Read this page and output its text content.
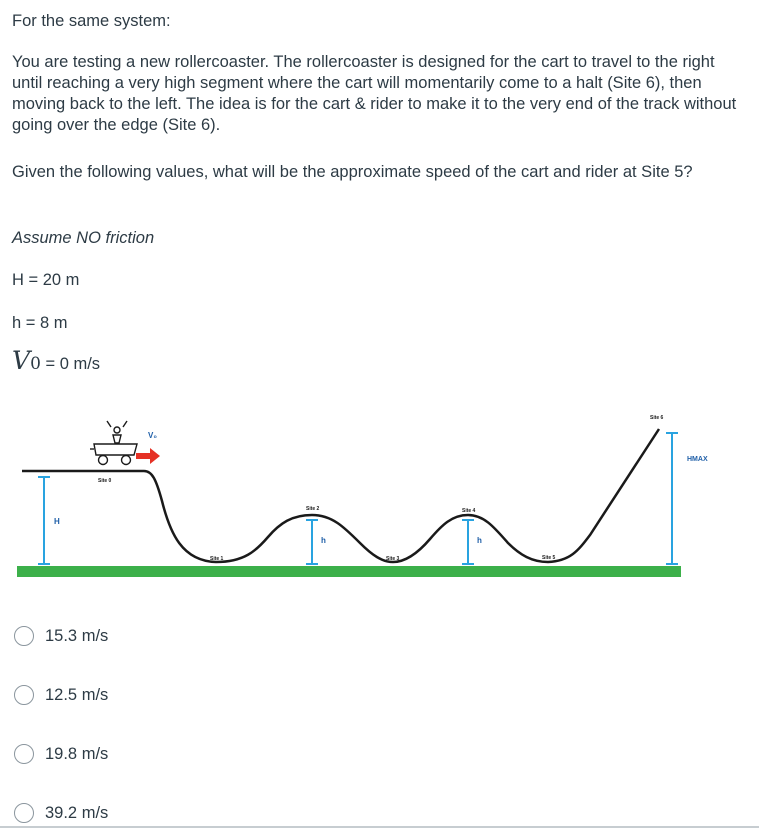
For the same system:

You are testing a new rollercoaster. The rollercoaster is designed for the cart to travel to the right until reaching a very high segment where the cart will momentarily come to a halt (Site 6), then moving back to the left. The idea is for the cart & rider to make it to the very end of the track without going over the edge (Site 6).

Given the following values, what will be the approximate speed of the cart and rider at Site 5?

Assume NO friction

H = 20 m

h = 8 m

V0 = 0 m/s

H
h	h
HMAX
Site 0
Site 1
Site 2
Site 3
Site 4
Site 5
Site 6
V₀
15.3 m/s
12.5 m/s
19.8 m/s
39.2 m/s
